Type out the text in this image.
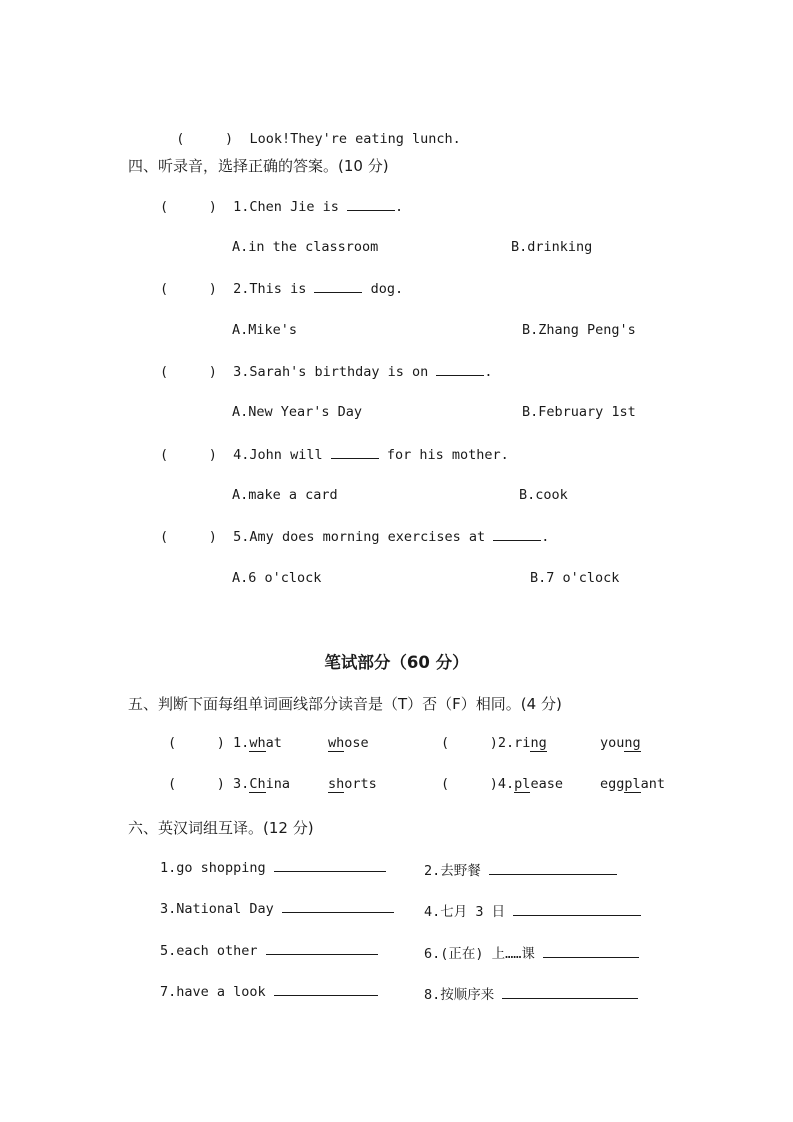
(     ) Look!They're eating lunch.

四、听录音，选择正确的答案。(10 分)
(     ) 1.Chen Jie is	.
A.in the classroom	B.drinking
(     ) 2.This is	dog.
A.Mike's	B.Zhang Peng's
(     ) 3.Sarah's birthday is on	.
A.New Year's Day	B.February 1st
(     ) 4.John will	for his mother.
A.make a card	B.cook
(     ) 5.Amy does morning exercises at	.
A.6 o'clock	B.7 o'clock
笔试部分（60 分）
五、判断下面每组单词画线部分读音是（T）否（F）相同。(4 分)
(     ) 1.what	whose	(     )2.ring	young
(     ) 3.China	shorts	(     )4.please	eggplant
六、英汉词组互译。(12 分)
1.go shopping	2.去野餐
3.National Day	4.七月 3 日
5.each other	6.(正在) 上……课
7.have a look	8.按顺序来
